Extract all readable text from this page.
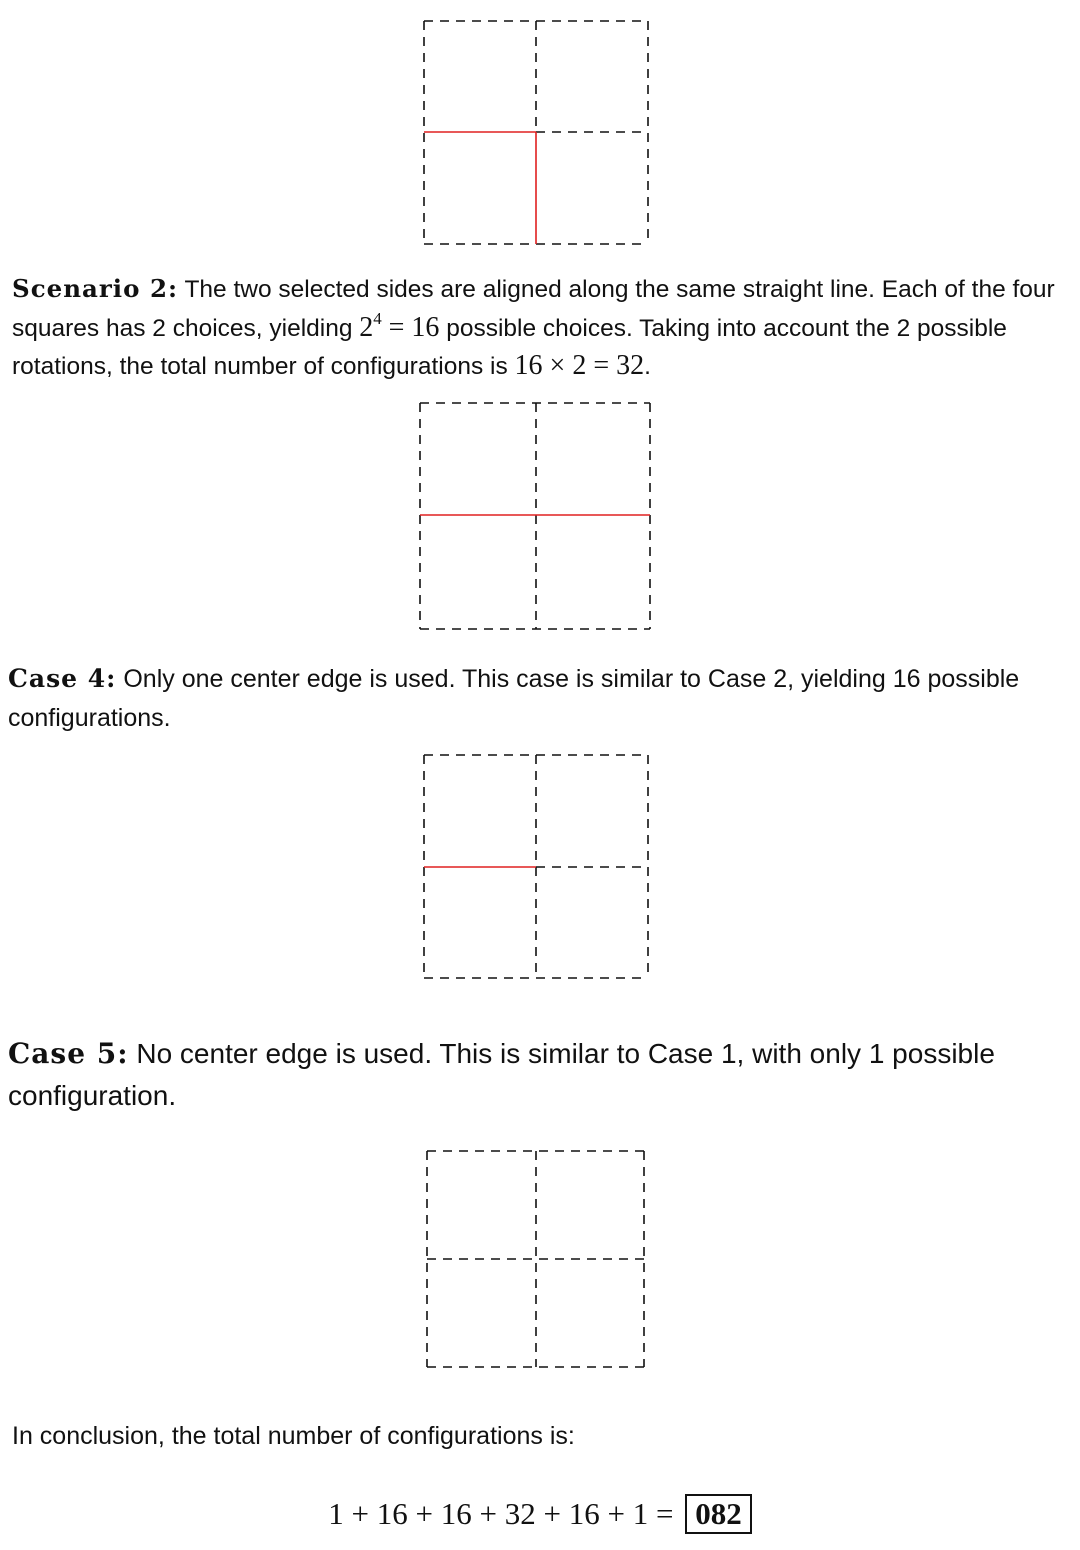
Scenario 2: The two selected sides are aligned along the same straight line. Each of the four squares has 2 choices, yielding $2^4 = 16$ possible choices. Taking into account the 2 possible rotations, the total number of configurations is 16 × 2 = 32.

Case 4: Only one center edge is used. This case is similar to Case 2, yielding 16 possible configurations.

Case 5: No center edge is used. This is similar to Case 1, with only 1 possible configuration.

In conclusion, the total number of configurations is:

1 + 16 + 16 + 32 + 16 + 1 = 082
